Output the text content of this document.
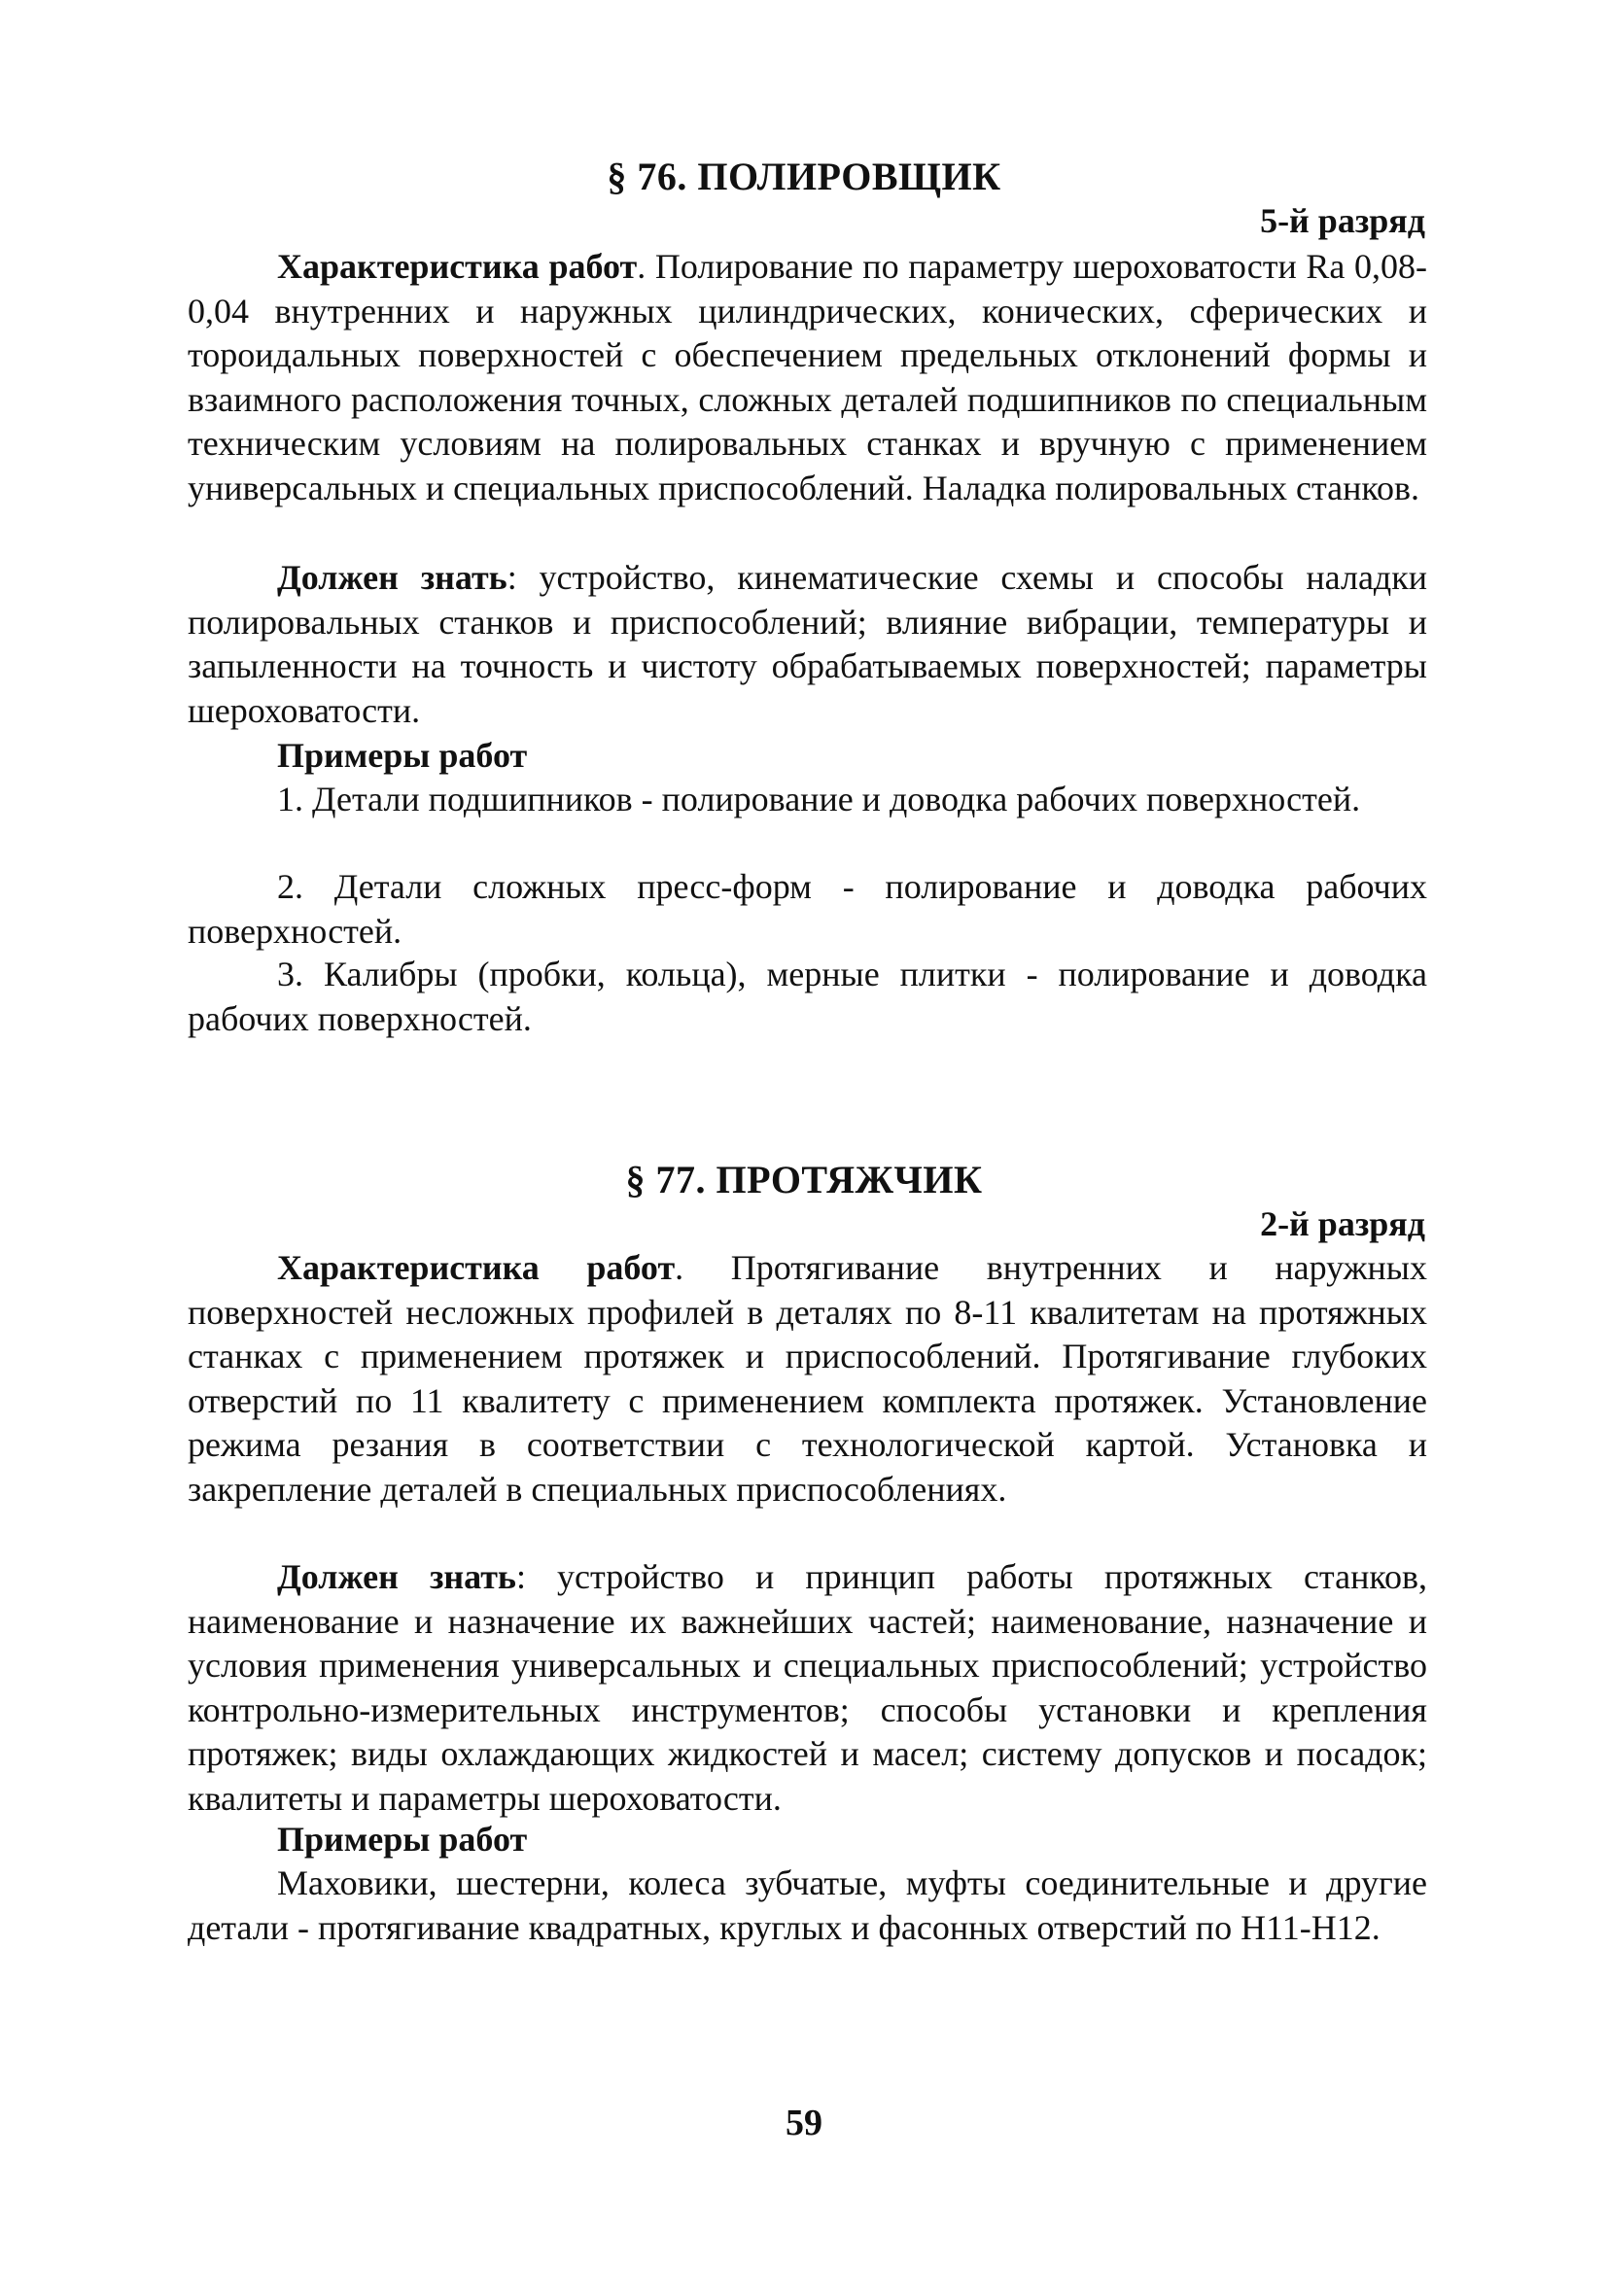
§ 76. ПОЛИРОВЩИК
5-й разряд

Характеристика работ. Полирование по параметру шероховатости Ra 0,08-0,04 внутренних и наружных цилиндрических, конических, сферических и тороидальных поверхностей с обеспечением предельных отклонений формы и взаимного расположения точных, сложных деталей подшипников по специальным техническим условиям на полировальных станках и вручную с применением универсальных и специальных приспособлений. Наладка полировальных станков.

Должен знать: устройство, кинематические схемы и способы наладки полировальных станков и приспособлений; влияние вибрации, температуры и запыленности на точность и чистоту обрабатываемых поверхностей; параметры шероховатости.

Примеры работ

1. Детали подшипников - полирование и доводка рабочих поверхностей.

2. Детали сложных пресс-форм - полирование и доводка рабочих поверхностей.

3. Калибры (пробки, кольца), мерные плитки - полирование и доводка рабочих поверхностей.

§ 77. ПРОТЯЖЧИК
2-й разряд

Характеристика работ. Протягивание внутренних и наружных поверхностей несложных профилей в деталях по 8-11 квалитетам на протяжных станках с применением протяжек и приспособлений. Протягивание глубоких отверстий по 11 квалитету с применением комплекта протяжек. Установление режима резания в соответствии с технологической картой. Установка и закрепление деталей в специальных приспособлениях.

Должен знать: устройство и принцип работы протяжных станков, наименование и назначение их важнейших частей; наименование, назначение и условия применения универсальных и специальных приспособлений; устройство контрольно-измерительных инструментов; способы установки и крепления протяжек; виды охлаждающих жидкостей и масел; систему допусков и посадок; квалитеты и параметры шероховатости.

Примеры работ

Маховики, шестерни, колеса зубчатые, муфты соединительные и другие детали - протягивание квадратных, круглых и фасонных отверстий по H11-H12.

59
